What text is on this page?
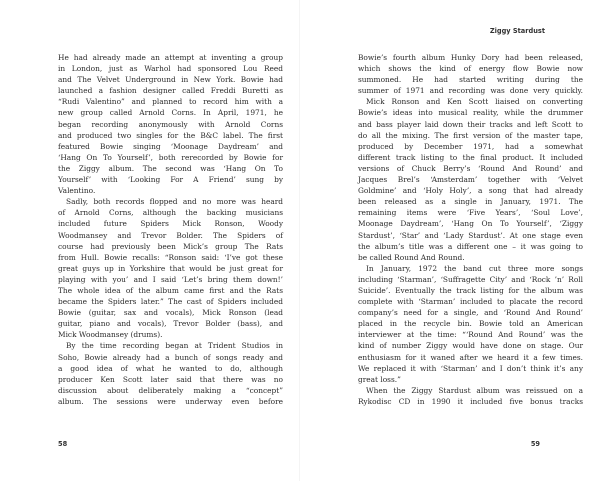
He had already made an attempt at inventing a group
in London, just as Warhol had sponsored Lou Reed
and The Velvet Underground in New York. Bowie had
launched a fashion designer called Freddi Buretti as
“Rudi Valentino” and planned to record him with a
new group called Arnold Corns. In April, 1971, he
began recording anonymously with Arnold Corns
and produced two singles for the B&C label. The first
featured Bowie singing ‘Moonage Daydream’ and
‘Hang On To Yourself’, both rerecorded by Bowie for
the Ziggy album. The second was ‘Hang On To
Yourself’ with ‘Looking For A Friend’ sung by
Valentino.
Sadly, both records flopped and no more was heard
of Arnold Corns, although the backing musicians
included future Spiders Mick Ronson, Woody
Woodmansey and Trevor Bolder. The Spiders of
course had previously been Mick’s group The Rats
from Hull. Bowie recalls: “Ronson said: ‘I’ve got these
great guys up in Yorkshire that would be just great for
playing with you’ and I said ‘Let’s bring them down!’
The whole idea of the album came first and the Rats
became the Spiders later.” The cast of Spiders included
Bowie (guitar, sax and vocals), Mick Ronson (lead
guitar, piano and vocals), Trevor Bolder (bass), and
Mick Woodmansey (drums).
By the time recording began at Trident Studios in
Soho, Bowie already had a bunch of songs ready and
a good idea of what he wanted to do, although
producer Ken Scott later said that there was no
discussion about deliberately making a “concept”
album. The sessions were underway even before
58
Ziggy Stardust
Bowie’s fourth album Hunky Dory had been released,
which shows the kind of energy flow Bowie now
summoned. He had started writing during the
summer of 1971 and recording was done very quickly.
Mick Ronson and Ken Scott liaised on converting
Bowie’s ideas into musical reality, while the drummer
and bass player laid down their tracks and left Scott to
do all the mixing. The first version of the master tape,
produced by December 1971, had a somewhat
different track listing to the final product. It included
versions of Chuck Berry’s ‘Round And Round’ and
Jacques Brel’s ‘Amsterdam’ together with ‘Velvet
Goldmine’ and ‘Holy Holy’, a song that had already
been released as a single in January, 1971. The
remaining items were ‘Five Years’, ‘Soul Love’,
Moonage Daydream’, ‘Hang On To Yourself’, ‘Ziggy
Stardust’, ‘Star’ and ‘Lady Stardust’. At one stage even
the album’s title was a different one – it was going to
be called Round And Round.
In January, 1972 the band cut three more songs
including ‘Starman’, ‘Suffragette City’ and ‘Rock ’n’ Roll
Suicide’. Eventually the track listing for the album was
complete with ‘Starman’ included to placate the record
company’s need for a single, and ‘Round And Round’
placed in the recycle bin. Bowie told an American
interviewer at the time: “‘Round And Round’ was the
kind of number Ziggy would have done on stage. Our
enthusiasm for it waned after we heard it a few times.
We replaced it with ‘Starman’ and I don’t think it’s any
great loss.”
When the Ziggy Stardust album was reissued on a
Rykodisc CD in 1990 it included five bonus tracks
59
